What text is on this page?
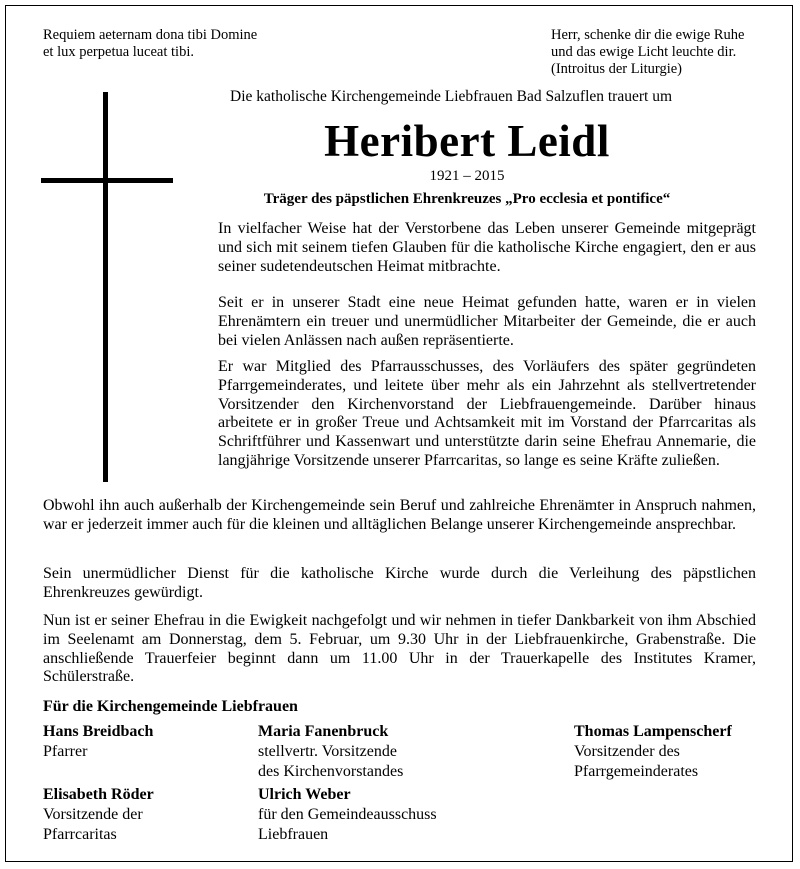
Requiem aeternam dona tibi Domine
et lux perpetua luceat tibi.
Herr, schenke dir die ewige Ruhe
und das ewige Licht leuchte dir.
(Introitus der Liturgie)
Die katholische Kirchengemeinde Liebfrauen Bad Salzuflen trauert um
Heribert Leidl
1921 – 2015
Träger des päpstlichen Ehrenkreuzes „Pro ecclesia et pontifice“
In vielfacher Weise hat der Verstorbene das Leben unserer Gemeinde mitgeprägt und sich mit seinem tiefen Glauben für die katholische Kirche engagiert, den er aus seiner sudetendeutschen Heimat mitbrachte.
Seit er in unserer Stadt eine neue Heimat gefunden hatte, waren er in vielen Ehrenämtern ein treuer und unermüdlicher Mitarbeiter der Gemeinde, die er auch bei vielen Anlässen nach außen repräsentierte.
Er war Mitglied des Pfarrausschusses, des Vorläufers des später gegründeten Pfarrgemeinderates, und leitete über mehr als ein Jahrzehnt als stellvertretender Vorsitzender den Kirchenvorstand der Liebfrauengemeinde. Darüber hinaus arbeitete er in großer Treue und Achtsamkeit mit im Vorstand der Pfarrcaritas als Schriftführer und Kassenwart und unterstützte darin seine Ehefrau Annemarie, die langjährige Vorsitzende unserer Pfarrcaritas, so lange es seine Kräfte zuließen.
Obwohl ihn auch außerhalb der Kirchengemeinde sein Beruf und zahlreiche Ehrenämter in Anspruch nahmen, war er jederzeit immer auch für die kleinen und alltäglichen Belange unserer Kirchengemeinde ansprechbar.
Sein unermüdlicher Dienst für die katholische Kirche wurde durch die Verleihung des päpstlichen Ehrenkreuzes gewürdigt.
Nun ist er seiner Ehefrau in die Ewigkeit nachgefolgt und wir nehmen in tiefer Dankbarkeit von ihm Abschied im Seelenamt am Donnerstag, dem 5. Februar, um 9.30 Uhr in der Liebfrauenkirche, Grabenstraße. Die anschließende Trauerfeier beginnt dann um 11.00 Uhr in der Trauerkapelle des Institutes Kramer, Schülerstraße.
Für die Kirchengemeinde Liebfrauen
Hans Breidbach
Pfarrer
Maria Fanenbruck
stellvertr. Vorsitzende
des Kirchenvorstandes
Thomas Lampenscherf
Vorsitzender des
Pfarrgemeinderates
Elisabeth Röder
Vorsitzende der
Pfarrcaritas
Ulrich Weber
für den Gemeindeausschuss
Liebfrauen
